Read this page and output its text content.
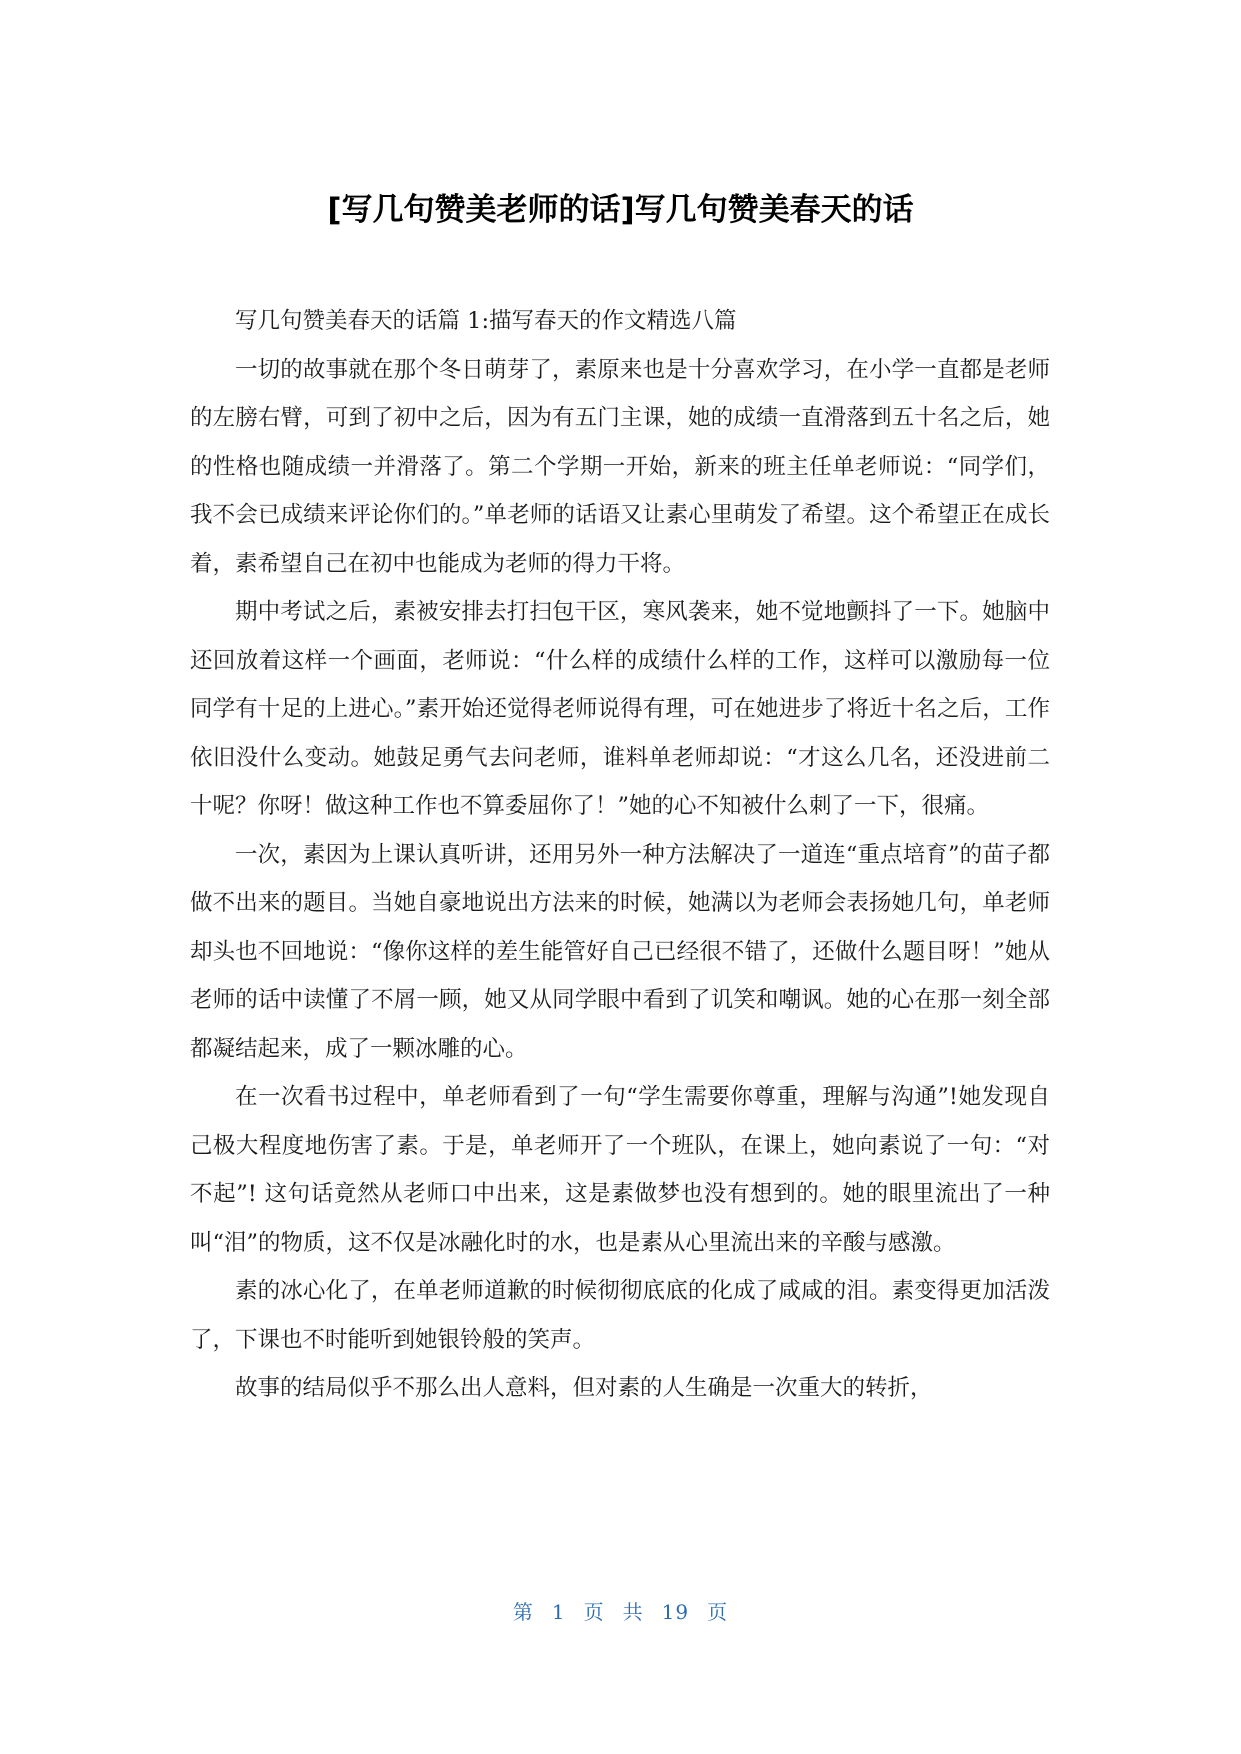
[写几句赞美老师的话]写几句赞美春天的话

写几句赞美春天的话篇 1:描写春天的作文精选八篇

一切的故事就在那个冬日萌芽了，素原来也是十分喜欢学习，在小学一直都是老师的左膀右臂，可到了初中之后，因为有五门主课，她的成绩一直滑落到五十名之后，她的性格也随成绩一并滑落了。第二个学期一开始，新来的班主任单老师说：“同学们，我不会已成绩来评论你们的。”单老师的话语又让素心里萌发了希望。这个希望正在成长着，素希望自己在初中也能成为老师的得力干将。

期中考试之后，素被安排去打扫包干区，寒风袭来，她不觉地颤抖了一下。她脑中还回放着这样一个画面，老师说：“什么样的成绩什么样的工作，这样可以激励每一位同学有十足的上进心。”素开始还觉得老师说得有理，可在她进步了将近十名之后，工作依旧没什么变动。她鼓足勇气去问老师，谁料单老师却说：“才这么几名，还没进前二十呢？你呀！做这种工作也不算委屈你了！”她的心不知被什么刺了一下，很痛。

一次，素因为上课认真听讲，还用另外一种方法解决了一道连“重点培育”的苗子都做不出来的题目。当她自豪地说出方法来的时候，她满以为老师会表扬她几句，单老师却头也不回地说：“像你这样的差生能管好自己已经很不错了，还做什么题目呀！”她从老师的话中读懂了不屑一顾，她又从同学眼中看到了讥笑和嘲讽。她的心在那一刻全部都凝结起来，成了一颗冰雕的心。

在一次看书过程中，单老师看到了一句“学生需要你尊重，理解与沟通”!她发现自己极大程度地伤害了素。于是，单老师开了一个班队，在课上，她向素说了一句：“对不起”! 这句话竟然从老师口中出来，这是素做梦也没有想到的。她的眼里流出了一种叫“泪”的物质，这不仅是冰融化时的水，也是素从心里流出来的辛酸与感激。

素的冰心化了，在单老师道歉的时候彻彻底底的化成了咸咸的泪。素变得更加活泼了，下课也不时能听到她银铃般的笑声。

故事的结局似乎不那么出人意料，但对素的人生确是一次重大的转折，

第 1 页 共 19 页
